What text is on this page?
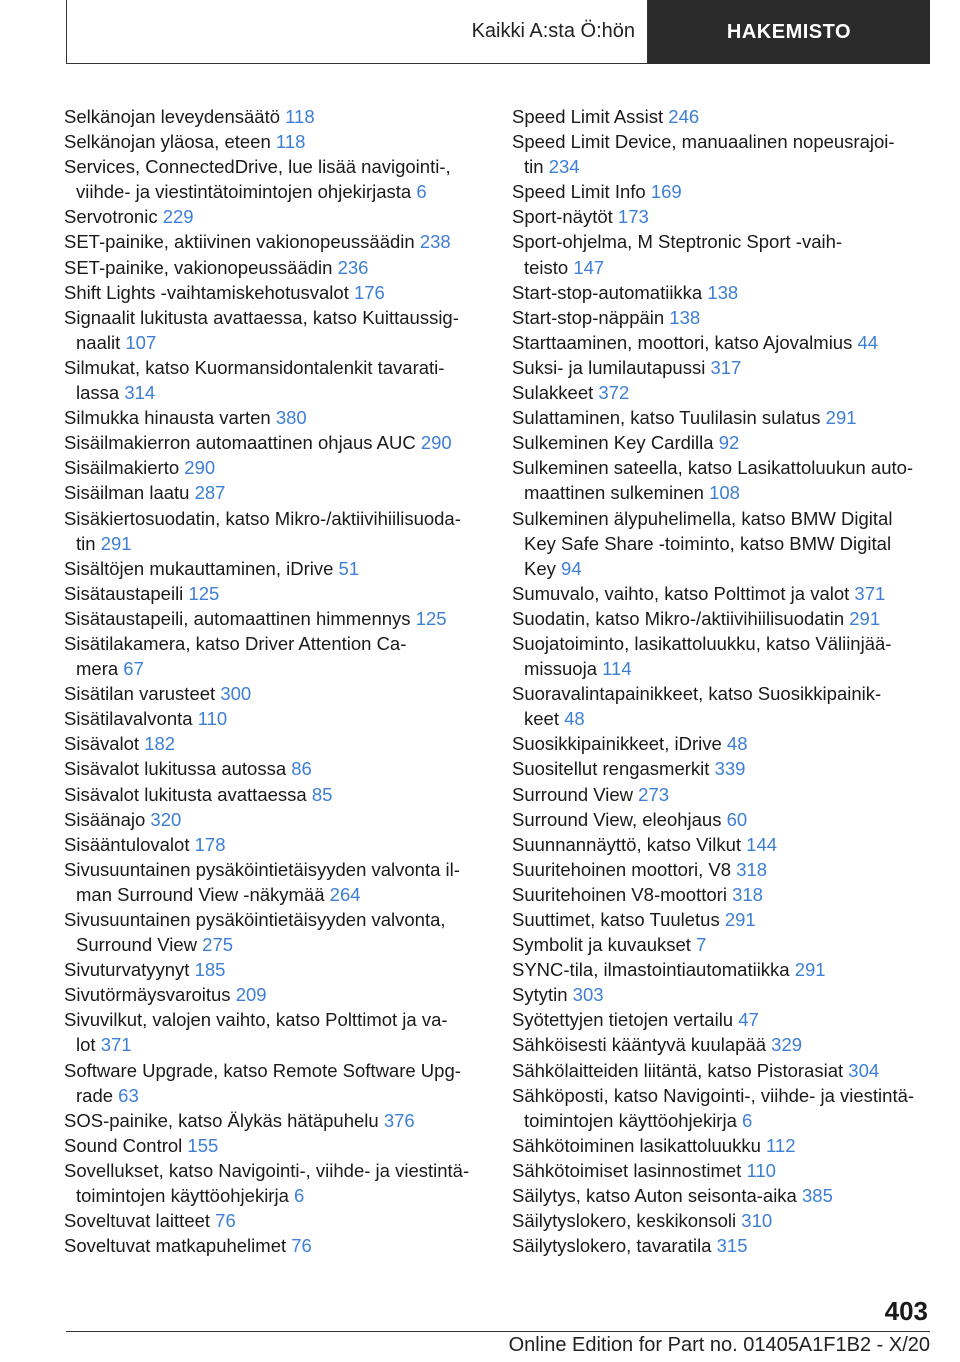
Kaikki A:sta Ö:hön	HAKEMISTO
Selkänojan leveydensäätö 118
Selkänojan yläosa, eteen 118
Services, ConnectedDrive, lue lisää navigointi-,
viihde- ja viestintätoimintojen ohjekirjasta 6
Servotronic 229
SET-painike, aktiivinen vakionopeussäädin 238
SET-painike, vakionopeussäädin 236
Shift Lights -vaihtamiskehotusvalot 176
Signaalit lukitusta avattaessa, katso Kuittaussig-
naalit 107
Silmukat, katso Kuormansidontalenkit tavarati-
lassa 314
Silmukka hinausta varten 380
Sisäilmakierron automaattinen ohjaus AUC 290
Sisäilmakierto 290
Sisäilman laatu 287
Sisäkiertosuodatin, katso Mikro-/aktiivihiilisuoda-
tin 291
Sisältöjen mukauttaminen, iDrive 51
Sisätaustapeili 125
Sisätaustapeili, automaattinen himmennys 125
Sisätilakamera, katso Driver Attention Ca-
mera 67
Sisätilan varusteet 300
Sisätilavalvonta 110
Sisävalot 182
Sisävalot lukitussa autossa 86
Sisävalot lukitusta avattaessa 85
Sisäänajo 320
Sisääntulovalot 178
Sivusuuntainen pysäköintietäisyyden valvonta il-
man Surround View -näkymää 264
Sivusuuntainen pysäköintietäisyyden valvonta,
Surround View 275
Sivuturvatyynyt 185
Sivutörmäysvaroitus 209
Sivuvilkut, valojen vaihto, katso Polttimot ja va-
lot 371
Software Upgrade, katso Remote Software Upg-
rade 63
SOS-painike, katso Älykäs hätäpuhelu 376
Sound Control 155
Sovellukset, katso Navigointi-, viihde- ja viestintä-
toimintojen käyttöohjekirja 6
Soveltuvat laitteet 76
Soveltuvat matkapuhelimet 76
Speed Limit Assist 246
Speed Limit Device, manuaalinen nopeusrajoi-
tin 234
Speed Limit Info 169
Sport-näytöt 173
Sport-ohjelma, M Steptronic Sport -vaih-
teisto 147
Start-stop-automatiikka 138
Start-stop-näppäin 138
Starttaaminen, moottori, katso Ajovalmius 44
Suksi- ja lumilautapussi 317
Sulakkeet 372
Sulattaminen, katso Tuulilasin sulatus 291
Sulkeminen Key Cardilla 92
Sulkeminen sateella, katso Lasikattoluukun auto-
maattinen sulkeminen 108
Sulkeminen älypuhelimella, katso BMW Digital
Key Safe Share -toiminto, katso BMW Digital
Key 94
Sumuvalo, vaihto, katso Polttimot ja valot 371
Suodatin, katso Mikro-/aktiivihiilisuodatin 291
Suojatoiminto, lasikattoluukku, katso Väliinjää-
missuoja 114
Suoravalintapainikkeet, katso Suosikkipainik-
keet 48
Suosikkipainikkeet, iDrive 48
Suositellut rengasmerkit 339
Surround View 273
Surround View, eleohjaus 60
Suunnannäyttö, katso Vilkut 144
Suuritehoinen moottori, V8 318
Suuritehoinen V8-moottori 318
Suuttimet, katso Tuuletus 291
Symbolit ja kuvaukset 7
SYNC-tila, ilmastointiautomatiikka 291
Sytytin 303
Syötettyjen tietojen vertailu 47
Sähköisesti kääntyvä kuulapää 329
Sähkölaitteiden liitäntä, katso Pistorasiat 304
Sähköposti, katso Navigointi-, viihde- ja viestintä-
toimintojen käyttöohjekirja 6
Sähkötoiminen lasikattoluukku 112
Sähkötoimiset lasinnostimet 110
Säilytys, katso Auton seisonta-aika 385
Säilytyslokero, keskikonsoli 310
Säilytyslokero, tavaratila 315
403
Online Edition for Part no. 01405A1F1B2 - X/20
